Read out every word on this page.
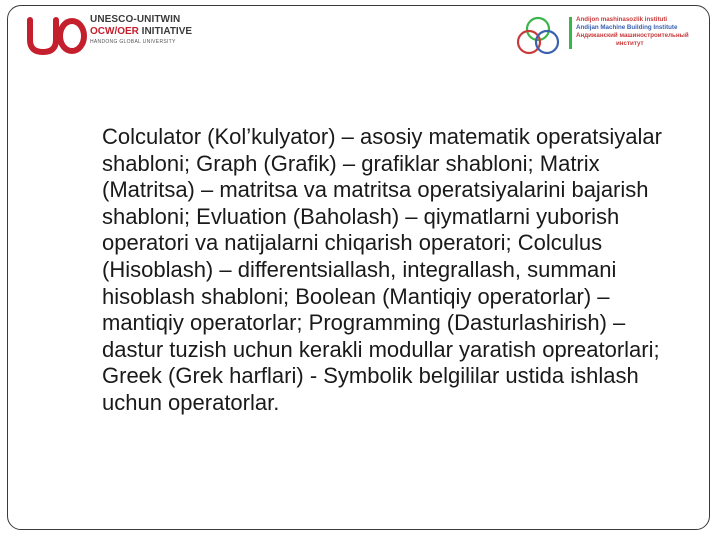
UNESCO-UNITWIN
OCW/OER INITIATIVE
HANDONG GLOBAL UNIVERSITY
Andijon mashinasozlik instituti
Andijan Machine Building Institute
Андижанский машиностроительный
институт

Colculator (Kol’kulyator) – asosiy matematik operatsiyalar shabloni; Graph (Grafik) – grafiklar shabloni; Matrix (Matritsa) – matritsa va matritsa operatsiyalarini bajarish shabloni; Evluation (Baholash) – qiymatlarni yuborish operatori va natijalarni chiqarish operatori; Colculus (Hisoblash) – differentsiallash, integrallash, summani hisoblash shabloni; Boolean (Mantiqiy operatorlar) – mantiqiy operatorlar; Programming (Dasturlashirish) – dastur tuzish uchun kerakli modullar yaratish opreatorlari; Greek (Grek harflari) - Symbolik belgililar ustida ishlash uchun operatorlar.
